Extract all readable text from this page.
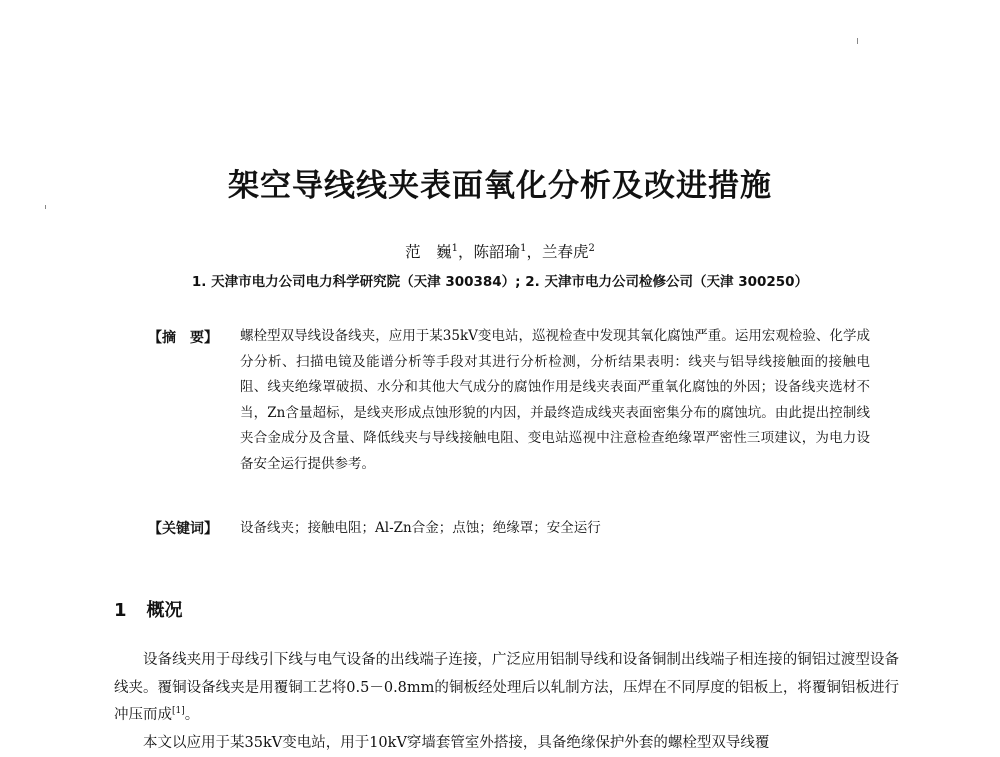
架空导线线夹表面氧化分析及改进措施
范　巍$^1$，陈韶瑜$^1$，兰春虎$^2$
1. 天津市电力公司电力科学研究院（天津 300384）; 2. 天津市电力公司检修公司（天津 300250）
【摘　要】 螺栓型双导线设备线夹，应用于某35kV变电站，巡视检查中发现其氧化腐蚀严重。运用宏观检验、化学成分分析、扫描电镜及能谱分析等手段对其进行分析检测，分析结果表明：线夹与铝导线接触面的接触电阻、线夹绝缘罩破损、水分和其他大气成分的腐蚀作用是线夹表面严重氧化腐蚀的外因；设备线夹选材不当，Zn含量超标，是线夹形成点蚀形貌的内因，并最终造成线夹表面密集分布的腐蚀坑。由此提出控制线夹合金成分及含量、降低线夹与导线接触电阻、变电站巡视中注意检查绝缘罩严密性三项建议，为电力设备安全运行提供参考。
【关键词】 设备线夹；接触电阻；Al-Zn合金；点蚀；绝缘罩；安全运行
1 概况

设备线夹用于母线引下线与电气设备的出线端子连接，广泛应用铝制导线和设备铜制出线端子相连接的铜铝过渡型设备线夹。覆铜设备线夹是用覆铜工艺将0.5－0.8mm的铜板经处理后以轧制方法，压焊在不同厚度的铝板上，将覆铜铝板进行冲压而成[1]。

本文以应用于某35kV变电站，用于10kV穿墙套管室外搭接，具备绝缘保护外套的螺栓型双导线覆
